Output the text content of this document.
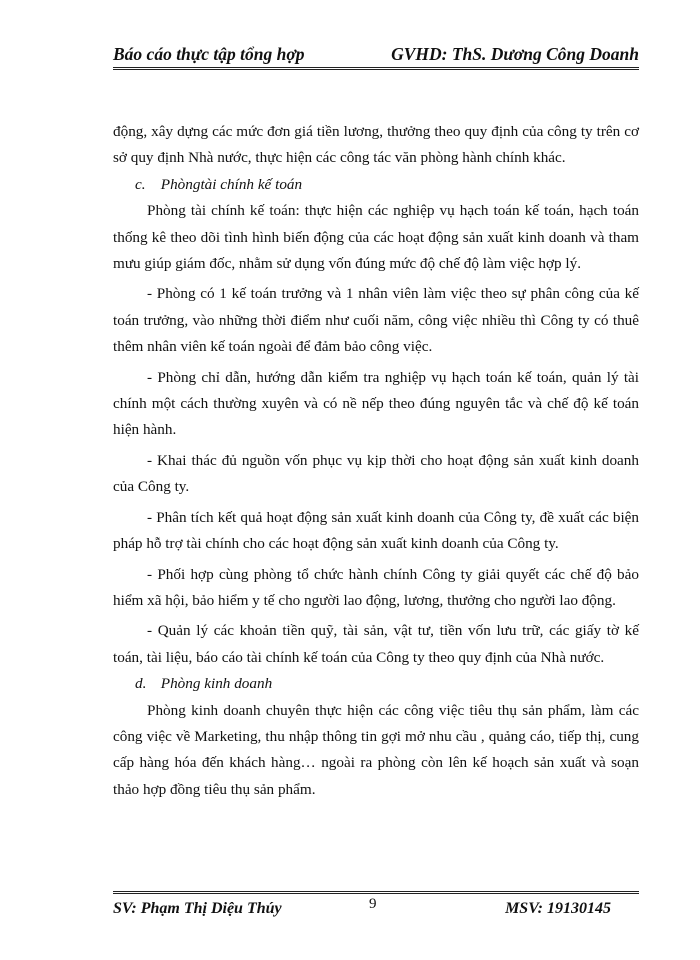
Báo cáo thực tập tổng hợp	GVHD: ThS. Dương Công Doanh

động, xây dựng các mức đơn giá tiền lương, thưởng theo quy định của công ty trên cơ sở quy định Nhà nước, thực hiện các công tác văn phòng hành chính khác.

c. Phòngtài chính kế toán

Phòng tài chính kế toán: thực hiện các nghiệp vụ hạch toán kế toán, hạch toán thống kê theo dõi tình hình biến động của các hoạt động sản xuất kinh doanh và tham mưu giúp giám đốc, nhằm sử dụng vốn đúng mức độ chế độ làm việc hợp lý.

- Phòng có 1 kế toán trưởng và 1 nhân viên làm việc theo sự phân công của kế toán trưởng, vào những thời điểm như cuối năm, công việc nhiều thì Công ty có thuê thêm nhân viên kế toán ngoài để đảm bảo công việc.

- Phòng chỉ dẫn, hướng dẫn kiểm tra nghiệp vụ hạch toán kế toán, quản lý tài chính một cách thường xuyên và có nề nếp theo đúng nguyên tắc và chế độ kế toán hiện hành.

- Khai thác đủ nguồn vốn phục vụ kịp thời cho hoạt động sản xuất kinh doanh của Công ty.

- Phân tích kết quả hoạt động sản xuất kinh doanh của Công ty, đề xuất các biện pháp hỗ trợ tài chính cho các hoạt động sản xuất kinh doanh của Công ty.

- Phối hợp cùng phòng tổ chức hành chính Công ty giải quyết các chế độ bảo hiểm xã hội, bảo hiểm y tế cho người lao động, lương, thưởng cho người lao động.

- Quản lý các khoản tiền quỹ, tài sản, vật tư, tiền vốn lưu trữ, các giấy tờ kế toán, tài liệu, báo cáo tài chính kế toán của Công ty theo quy định của Nhà nước.

d. Phòng kinh doanh

Phòng kinh doanh chuyên thực hiện các công việc tiêu thụ sản phẩm, làm các công việc về Marketing, thu nhập thông tin gợi mở nhu cầu , quảng cáo, tiếp thị, cung cấp hàng hóa đến khách hàng… ngoài ra phòng còn lên kế hoạch sản xuất và soạn thảo hợp đồng tiêu thụ sản phẩm.

SV: Phạm Thị Diệu Thúy	9	MSV: 19130145
